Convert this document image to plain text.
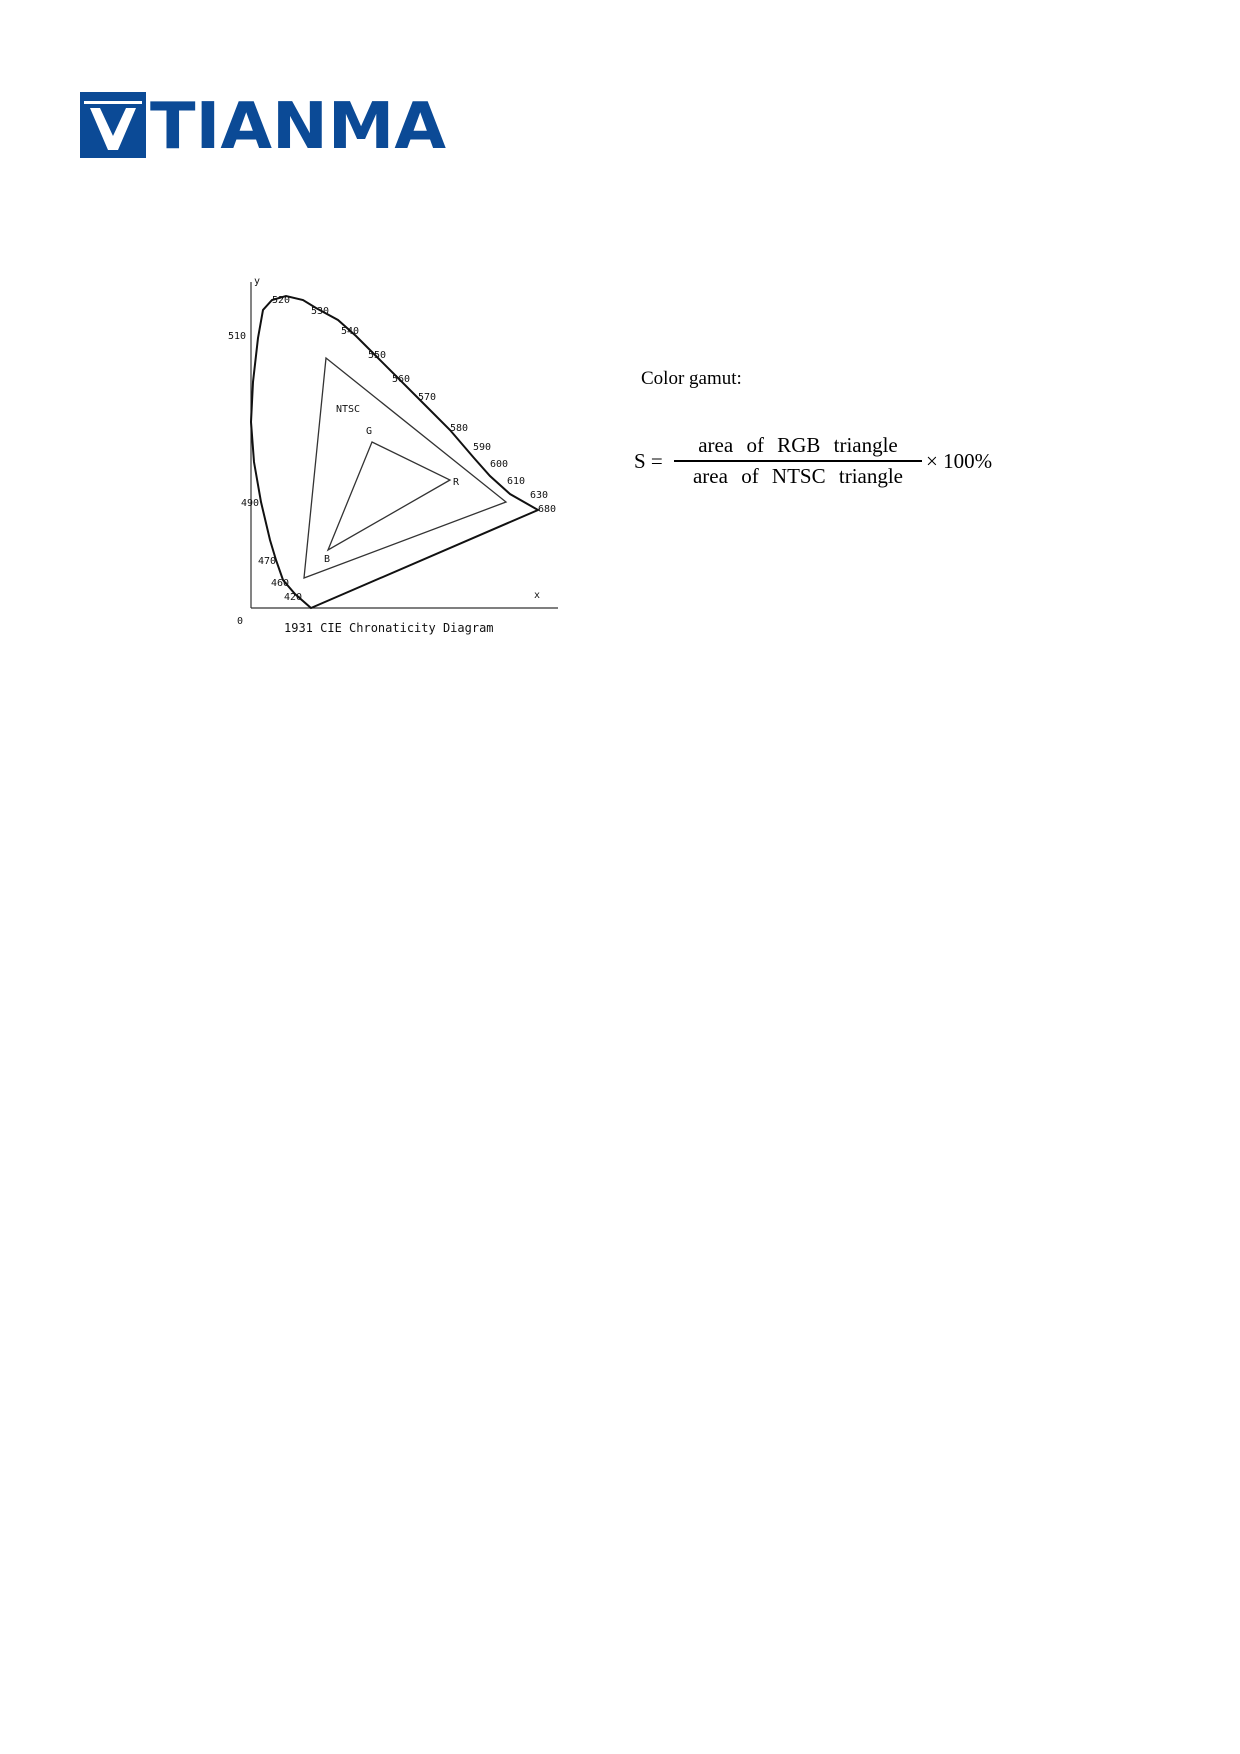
TIANMA
y
x
0
NTSC
G
R
B
510
520
530
540
550
560
570
580
590
600
610
630
680
490
470
460
420
1931 CIE Chronaticity Diagram
Color gamut:
S =
area of RGB triangle
area of NTSC triangle
× 100%
